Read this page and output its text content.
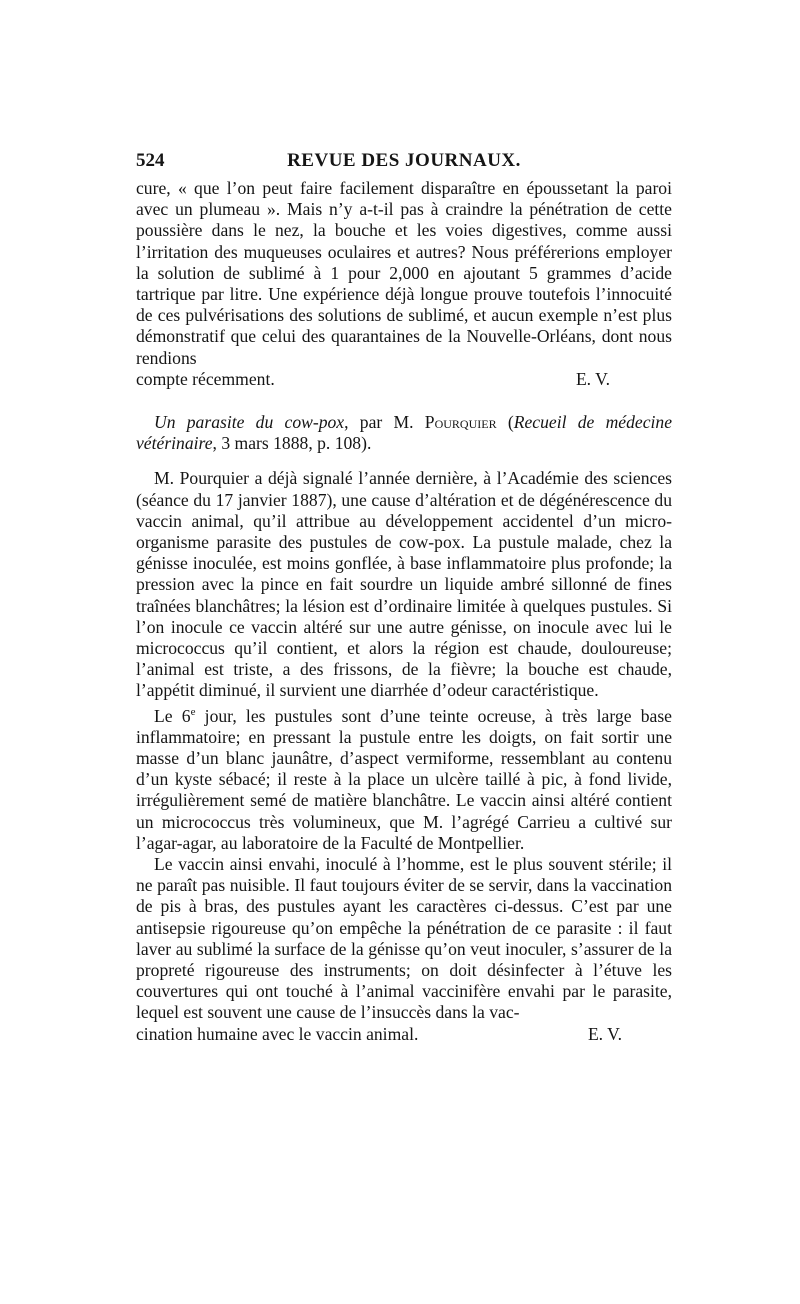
524	REVUE DES JOURNAUX.

cure, « que l’on peut faire facilement disparaître en époussetant la paroi avec un plumeau ». Mais n’y a-t-il pas à craindre la pénétration de cette poussière dans le nez, la bouche et les voies digestives, comme aussi l’irritation des muqueuses oculaires et autres? Nous préférerions employer la solution de sublimé à 1 pour 2,000 en ajoutant 5 grammes d’acide tartrique par litre. Une expérience déjà longue prouve toutefois l’innocuité de ces pulvérisations des solutions de sublimé, et aucun exemple n’est plus démonstratif que celui des quarantaines de la Nouvelle-Orléans, dont nous rendions

compte récemment.	E. V.

Un parasite du cow-pox, par M. Pourquier (Recueil de médecine vétérinaire, 3 mars 1888, p. 108).

M. Pourquier a déjà signalé l’année dernière, à l’Académie des sciences (séance du 17 janvier 1887), une cause d’altération et de dégénérescence du vaccin animal, qu’il attribue au développement accidentel d’un micro-organisme parasite des pustules de cow-pox. La pustule malade, chez la génisse inoculée, est moins gonflée, à base inflammatoire plus profonde; la pression avec la pince en fait sourdre un liquide ambré sillonné de fines traînées blanchâtres; la lésion est d’ordinaire limitée à quelques pustules. Si l’on inocule ce vaccin altéré sur une autre génisse, on inocule avec lui le micrococcus qu’il contient, et alors la région est chaude, douloureuse; l’animal est triste, a des frissons, de la fièvre; la bouche est chaude, l’appétit diminué, il survient une diarrhée d’odeur caractéristique.

Le 6e jour, les pustules sont d’une teinte ocreuse, à très large base inflammatoire; en pressant la pustule entre les doigts, on fait sortir une masse d’un blanc jaunâtre, d’aspect vermiforme, ressemblant au contenu d’un kyste sébacé; il reste à la place un ulcère taillé à pic, à fond livide, irrégulièrement semé de matière blanchâtre. Le vaccin ainsi altéré contient un micrococcus très volumineux, que M. l’agrégé Carrieu a cultivé sur l’agar-agar, au laboratoire de la Faculté de Montpellier.

Le vaccin ainsi envahi, inoculé à l’homme, est le plus souvent stérile; il ne paraît pas nuisible. Il faut toujours éviter de se servir, dans la vaccination de pis à bras, des pustules ayant les caractères ci-dessus. C’est par une antisepsie rigoureuse qu’on empêche la pénétration de ce parasite : il faut laver au sublimé la surface de la génisse qu’on veut inoculer, s’assurer de la propreté rigoureuse des instruments; on doit désinfecter à l’étuve les couvertures qui ont touché à l’animal vaccinifère envahi par le parasite, lequel est souvent une cause de l’insuccès dans la vac-

cination humaine avec le vaccin animal.	E. V.
